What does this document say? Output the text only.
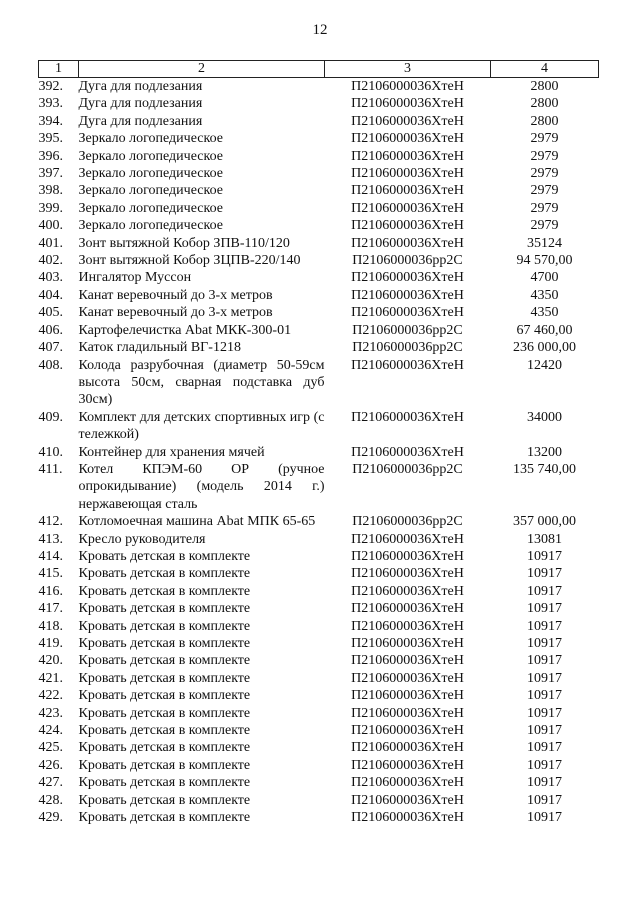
12
1	2	3	4
392.	Дуга для подлезания	П2106000036ХтеН	2800
393.	Дуга для подлезания	П2106000036ХтеН	2800
394.	Дуга для подлезания	П2106000036ХтеН	2800
395.	Зеркало логопедическое	П2106000036ХтеН	2979
396.	Зеркало логопедическое	П2106000036ХтеН	2979
397.	Зеркало логопедическое	П2106000036ХтеН	2979
398.	Зеркало логопедическое	П2106000036ХтеН	2979
399.	Зеркало логопедическое	П2106000036ХтеН	2979
400.	Зеркало логопедическое	П2106000036ХтеН	2979
401.	Зонт вытяжной Кобор ЗПВ-110/120	П2106000036ХтеН	35124
402.	Зонт вытяжной Кобор ЗЦПВ-220/140	П2106000036рр2С	94 570,00
403.	Ингалятор Муссон	П2106000036ХтеН	4700
404.	Канат веревочный до 3-х метров	П2106000036ХтеН	4350
405.	Канат веревочный до 3-х метров	П2106000036ХтеН	4350
406.	Картофелечистка Abat МКК-300-01	П2106000036рр2С	67 460,00
407.	Каток гладильный ВГ-1218	П2106000036рр2С	236 000,00
408.	Колода разрубочная (диаметр 50-59см высота 50см, сварная подставка дуб 30см)	П2106000036ХтеН	12420
409.	Комплект для детских спортивных игр (с тележкой)	П2106000036ХтеН	34000
410.	Контейнер для хранения мячей	П2106000036ХтеН	13200
411.	Котел КПЭМ-60 ОР (ручное опрокидывание) (модель 2014 г.) нержавеющая сталь	П2106000036рр2С	135 740,00
412.	Котломоечная машина Abat МПК 65-65	П2106000036рр2С	357 000,00
413.	Кресло руководителя	П2106000036ХтеН	13081
414.	Кровать детская в комплекте	П2106000036ХтеН	10917
415.	Кровать детская в комплекте	П2106000036ХтеН	10917
416.	Кровать детская в комплекте	П2106000036ХтеН	10917
417.	Кровать детская в комплекте	П2106000036ХтеН	10917
418.	Кровать детская в комплекте	П2106000036ХтеН	10917
419.	Кровать детская в комплекте	П2106000036ХтеН	10917
420.	Кровать детская в комплекте	П2106000036ХтеН	10917
421.	Кровать детская в комплекте	П2106000036ХтеН	10917
422.	Кровать детская в комплекте	П2106000036ХтеН	10917
423.	Кровать детская в комплекте	П2106000036ХтеН	10917
424.	Кровать детская в комплекте	П2106000036ХтеН	10917
425.	Кровать детская в комплекте	П2106000036ХтеН	10917
426.	Кровать детская в комплекте	П2106000036ХтеН	10917
427.	Кровать детская в комплекте	П2106000036ХтеН	10917
428.	Кровать детская в комплекте	П2106000036ХтеН	10917
429.	Кровать детская в комплекте	П2106000036ХтеН	10917
